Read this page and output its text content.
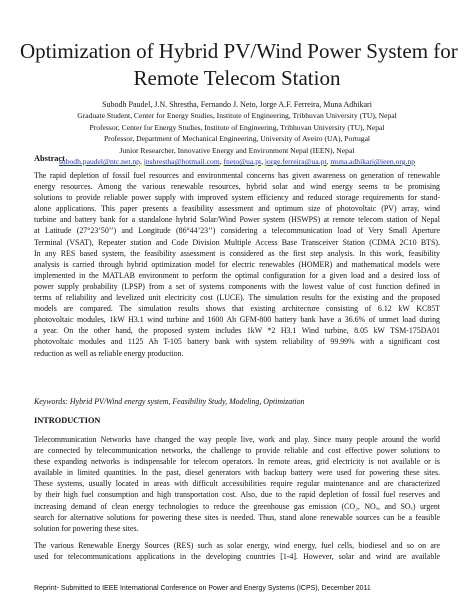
Optimization of Hybrid PV/Wind Power System for
Remote Telecom Station
Subodh Paudel, J.N. Shrestha, Fernando J. Neto, Jorge A.F. Ferreira, Muna Adhikari
Graduate Student, Center for Energy Studies, Institute of Engineering, Tribhuvan University (TU), Nepal
Professor, Center for Energy Studies, Institute of Engineering, Tribhuvan University (TU), Nepal
Professor, Department of Mechanical Engineering, University of Aveiro (UA), Portugal
Junior Researcher, Innovative Energy and Environment Nepal (IEEN), Nepal
subodh.paudel@ntc.net.np, jnshrestha@hotmail.com, fneto@ua.pt, jorge.ferreira@ua.pt, muna.adhikari@ieen.org.np
Abstract
The rapid depletion of fossil fuel resources and environmental concerns has given awareness on generation of renewable
energy resources. Among the various renewable resources, hybrid solar and wind energy seems to be promising
solutions to provide reliable power supply with improved system efficiency and reduced storage requirements for stand-
alone applications. This paper presents a feasibility assessment and optimum size of photovoltaic (PV) array, wind
turbine and battery bank for a standalone hybrid Solar/Wind Power system (HSWPS) at remote telecom station of Nepal
at Latitude (27°23’50’’) and Longitude (86°44’23’’) considering a telecommunication load of Very Small Aperture
Terminal (VSAT), Repeater station and Code Division Multiple Access Base Transceiver Station (CDMA 2C10 BTS).
In any RES based system, the feasibility assessment is considered as the first step analysis. In this work, feasibility
analysis is carried through hybrid optimization model for electric renewables (HOMER) and mathematical models were
implemented in the MATLAB environment to perform the optimal configuration for a given load and a desired loss of
power supply probability (LPSP) from a set of systems components with the lowest value of cost function defined in
terms of reliability and levelized unit electricity cost (LUCE). The simulation results for the existing and the proposed
models are compared. The simulation results shows that existing architecture consisting of 6.12 kW KC85T
photovoltaic modules, 1kW H3.1 wind turbine and 1600 Ah GFM-800 battery bank have a 36.6% of unmet load during
a year. On the other hand, the proposed system includes 1kW *2 H3.1 Wind turbine, 8.05 kW TSM-175DA01
photovoltaic modules and 1125 Ah T-105 battery bank with system reliability of 99.99% with a significant cost
reduction as well as reliable energy production.
Keywords: Hybrid PV/Wind energy system, Feasibility Study, Modeling, Optimization
INTRODUCTION
Telecommunication Networks have changed the way people live, work and play. Since many people around the world
are connected by telecommunication networks, the challenge to provide reliable and cost effective power solutions to
these expanding networks is indispensable for telecom operators. In remote areas, grid electricity is not available or is
available in limited quantities. In the past, diesel generators with backup battery were used for powering these sites.
These systems, usually located in areas with difficult accessibilities require regular maintenance and are characterized
by their high fuel consumption and high transportation cost. Also, due to the rapid depletion of fossil fuel reserves and
increasing demand of clean energy technologies to reduce the greenhouse gas emission (CO₂, NOₓ, and SOₓ) urgent
search for alternative solutions for powering these sites is needed. Thus, stand alone renewable sources can be a feasible
solution for powering these sites.
The various Renewable Energy Sources (RES) such as solar energy, wind energy, fuel cells, biodiesel and so on are
used for telecommunications applications in the developing countries [1-4]. However, solar and wind are available
Reprint- Submitted to IEEE International Conference on Power and Energy Systems (ICPS), December 2011
